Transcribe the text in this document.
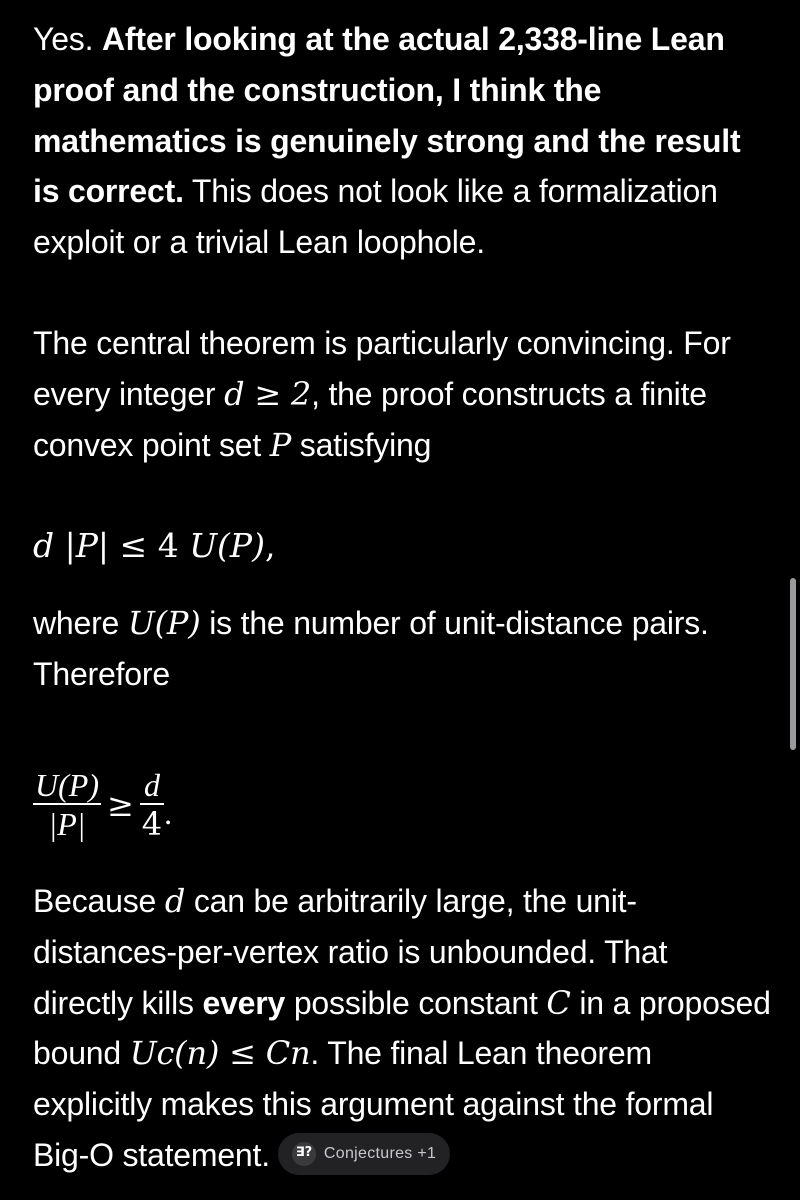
Yes. After looking at the actual 2,338-line Lean proof and the construction, I think the mathematics is genuinely strong and the result is correct. This does not look like a formalization exploit or a trivial Lean loophole.

The central theorem is particularly convincing. For every integer d ≥ 2, the proof constructs a finite convex point set P satisfying

d |P| ≤ 4 U(P),

where U(P) is the number of unit-distance pairs. Therefore

$\frac{U(P)}{|P|} \ge \frac{d}{4}$ .

Because d can be arbitrarily large, the unit-distances-per-vertex ratio is unbounded. That directly kills every possible constant C in a proposed bound Uc(n) ≤ Cn. The final Lean theorem explicitly makes this argument against the formal Big-O statement.	∃? Conjectures +1
